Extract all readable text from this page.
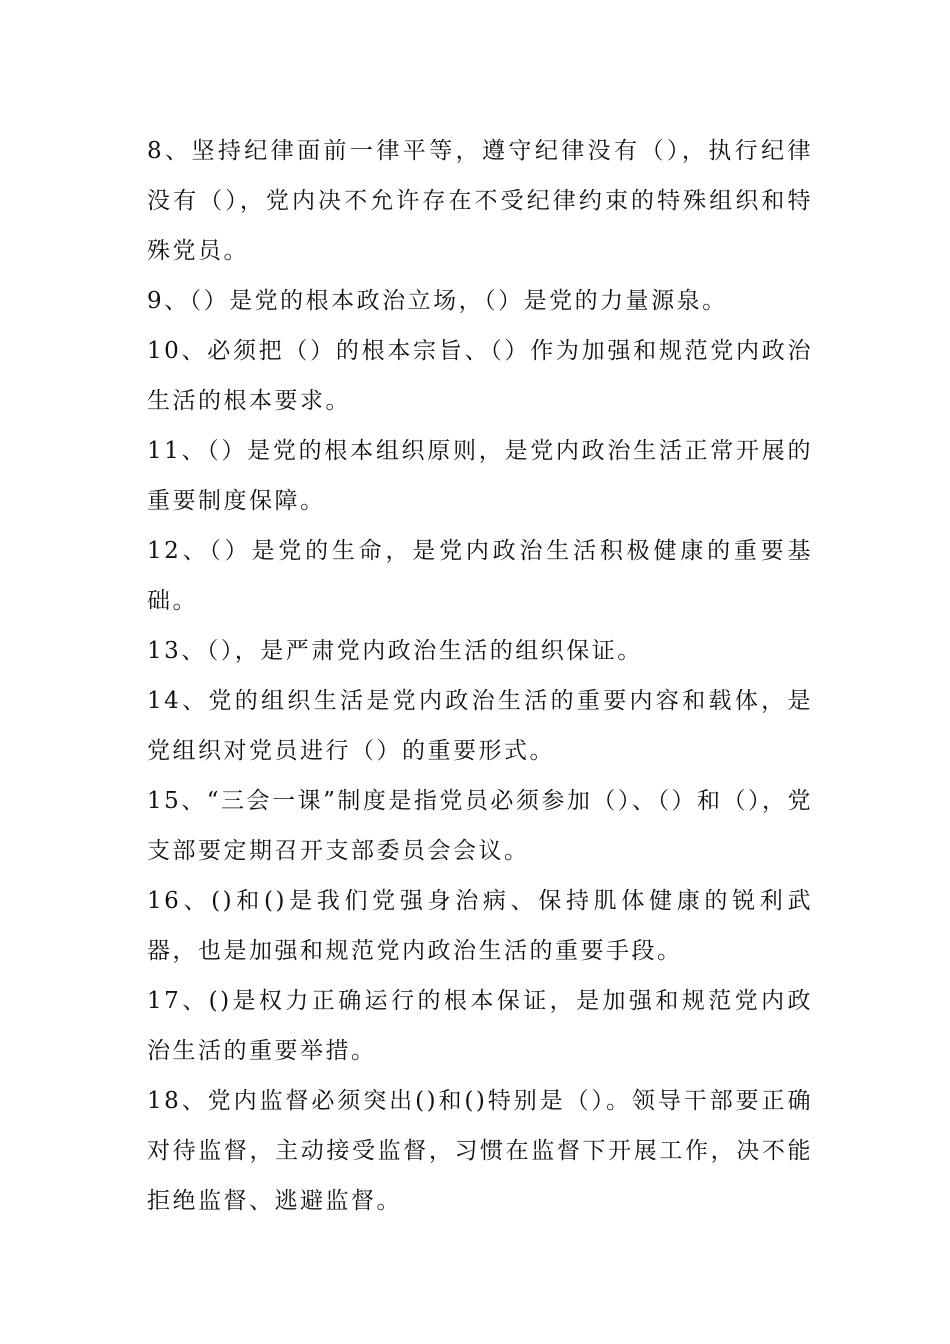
8、坚持纪律面前一律平等，遵守纪律没有（），执行纪律没有（），党内决不允许存在不受纪律约束的特殊组织和特殊党员。

9、（）是党的根本政治立场，（）是党的力量源泉。

10、必须把（）的根本宗旨、（）作为加强和规范党内政治生活的根本要求。

11、（）是党的根本组织原则，是党内政治生活正常开展的重要制度保障。

12、（）是党的生命，是党内政治生活积极健康的重要基础。

13、（），是严肃党内政治生活的组织保证。

14、党的组织生活是党内政治生活的重要内容和载体，是党组织对党员进行（）的重要形式。

15、“三会一课”制度是指党员必须参加（）、（）和（），党支部要定期召开支部委员会会议。

16、()和()是我们党强身治病、保持肌体健康的锐利武器，也是加强和规范党内政治生活的重要手段。

17、()是权力正确运行的根本保证，是加强和规范党内政治生活的重要举措。

18、党内监督必须突出()和()特别是（）。领导干部要正确对待监督，主动接受监督，习惯在监督下开展工作，决不能拒绝监督、逃避监督。
